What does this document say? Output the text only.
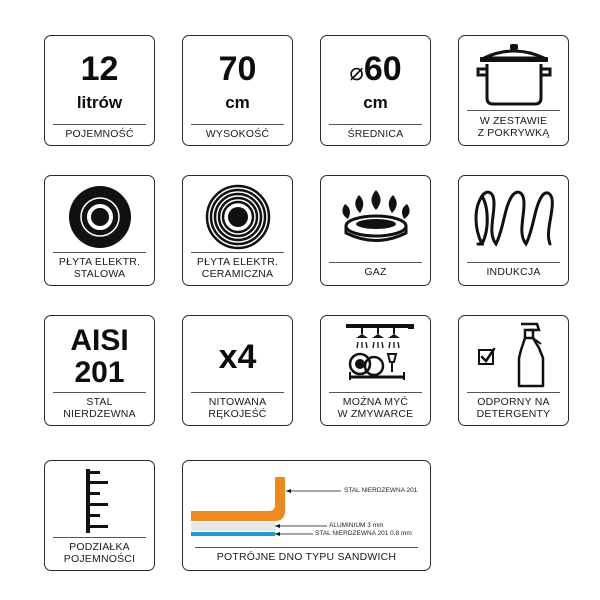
12
litrów
POJEMNOŚĆ
70
cm
WYSOKOŚĆ
⌀60
cm
ŚREDNICA
W ZESTAWIE
Z POKRYWKĄ
PŁYTA ELEKTR.
STALOWA
PŁYTA ELEKTR.
CERAMICZNA	GAZ	INDUKCJA
AISI
201
STAL
NIERDZEWNA
x4
NITOWANA
RĘKOJEŚĆ
MOŻNA MYĆ
W ZMYWARCE
ODPORNY NA
DETERGENTY
PODZIAŁKA
POJEMNOŚCI
STAL NIERDZEWNA 201
ALUMINIUM 3 mm
STAL NIERDZEWNA 201 0.8 mm
POTRÓJNE DNO TYPU SANDWICH
